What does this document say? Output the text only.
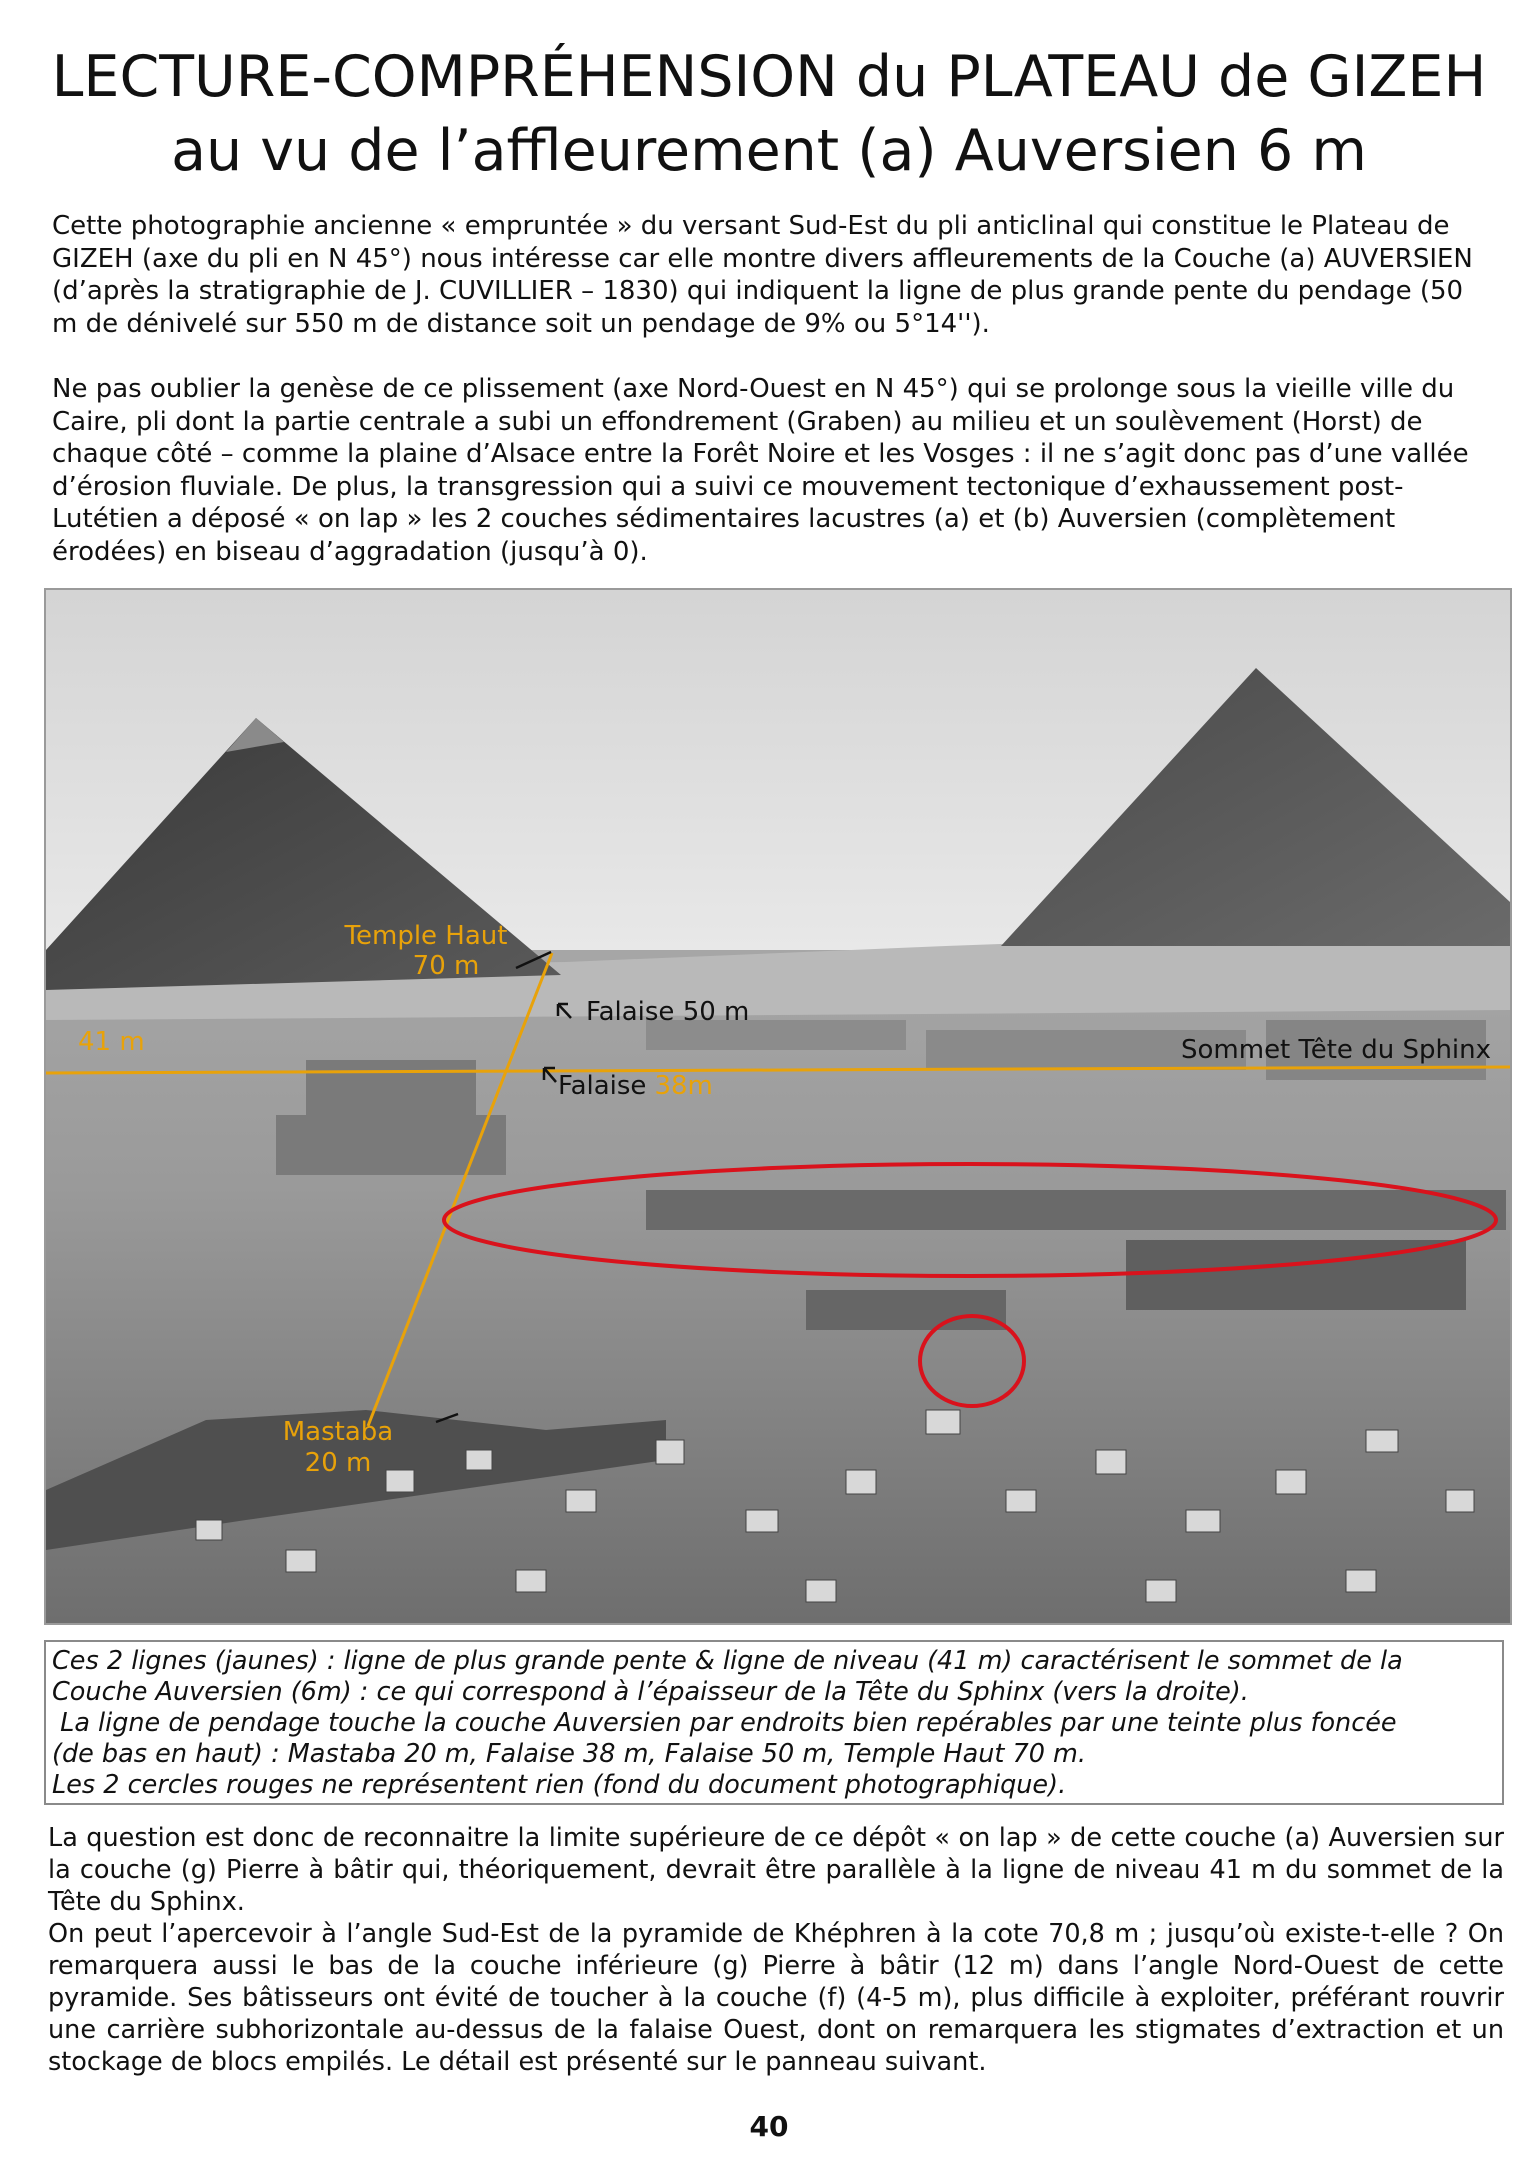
LECTURE-COMPRÉHENSION du PLATEAU de GIZEH
au vu de l’affleurement (a) Auversien 6 m

Cette photographie ancienne « empruntée » du versant Sud-Est du pli anticlinal qui constitue le Plateau de GIZEH (axe du pli en N 45°) nous intéresse car elle montre divers affleurements de la Couche (a) AUVERSIEN (d’après la stratigraphie de J. CUVILLIER – 1830) qui indiquent la ligne de plus grande pente du pendage (50 m de dénivelé sur 550 m de distance soit un pendage de 9% ou 5°14'').

Ne pas oublier la genèse de ce plissement (axe Nord-Ouest en N 45°) qui se prolonge sous la vieille ville du Caire, pli dont la partie centrale a subi un effondrement (Graben) au milieu et un soulèvement (Horst) de chaque côté – comme la plaine d’Alsace entre la Forêt Noire et les Vosges : il ne s’agit donc pas d’une vallée d’érosion fluviale. De plus, la transgression qui a suivi ce mouvement tectonique d’exhaussement post-Lutétien a déposé « on lap » les 2 couches sédimentaires lacustres (a) et (b) Auversien (complètement érodées) en biseau d’aggradation (jusqu’à 0).

Temple Haut
70 m
Falaise 50 m
41 m	Sommet Tête du Sphinx
Falaise 38m
Mastaba
20 m
Ces 2 lignes (jaunes) : ligne de plus grande pente & ligne de niveau (41 m) caractérisent le sommet de la
Couche Auversien (6m) : ce qui correspond à l’épaisseur de la Tête du Sphinx (vers la droite).
La ligne de pendage touche la couche Auversien par endroits bien repérables par une teinte plus foncée
(de bas en haut) : Mastaba 20 m, Falaise 38 m, Falaise 50 m, Temple Haut 70 m.
Les 2 cercles rouges ne représentent rien (fond du document photographique).
La question est donc de reconnaitre la limite supérieure de ce dépôt « on lap » de cette couche (a) Auversien sur la couche (g) Pierre à bâtir qui, théoriquement, devrait être parallèle à la ligne de niveau 41 m du sommet de la Tête du Sphinx.
On peut l’apercevoir à l’angle Sud-Est de la pyramide de Khéphren à la cote 70,8 m ; jusqu’où existe-t-elle ? On remarquera aussi le bas de la couche inférieure (g) Pierre à bâtir (12 m) dans l’angle Nord-Ouest de cette pyramide. Ses bâtisseurs ont évité de toucher à la couche (f) (4-5 m), plus difficile à exploiter, préférant rouvrir une carrière subhorizontale au-dessus de la falaise Ouest, dont on remarquera les stigmates d’extraction et un stockage de blocs empilés. Le détail est présenté sur le panneau suivant.
40
